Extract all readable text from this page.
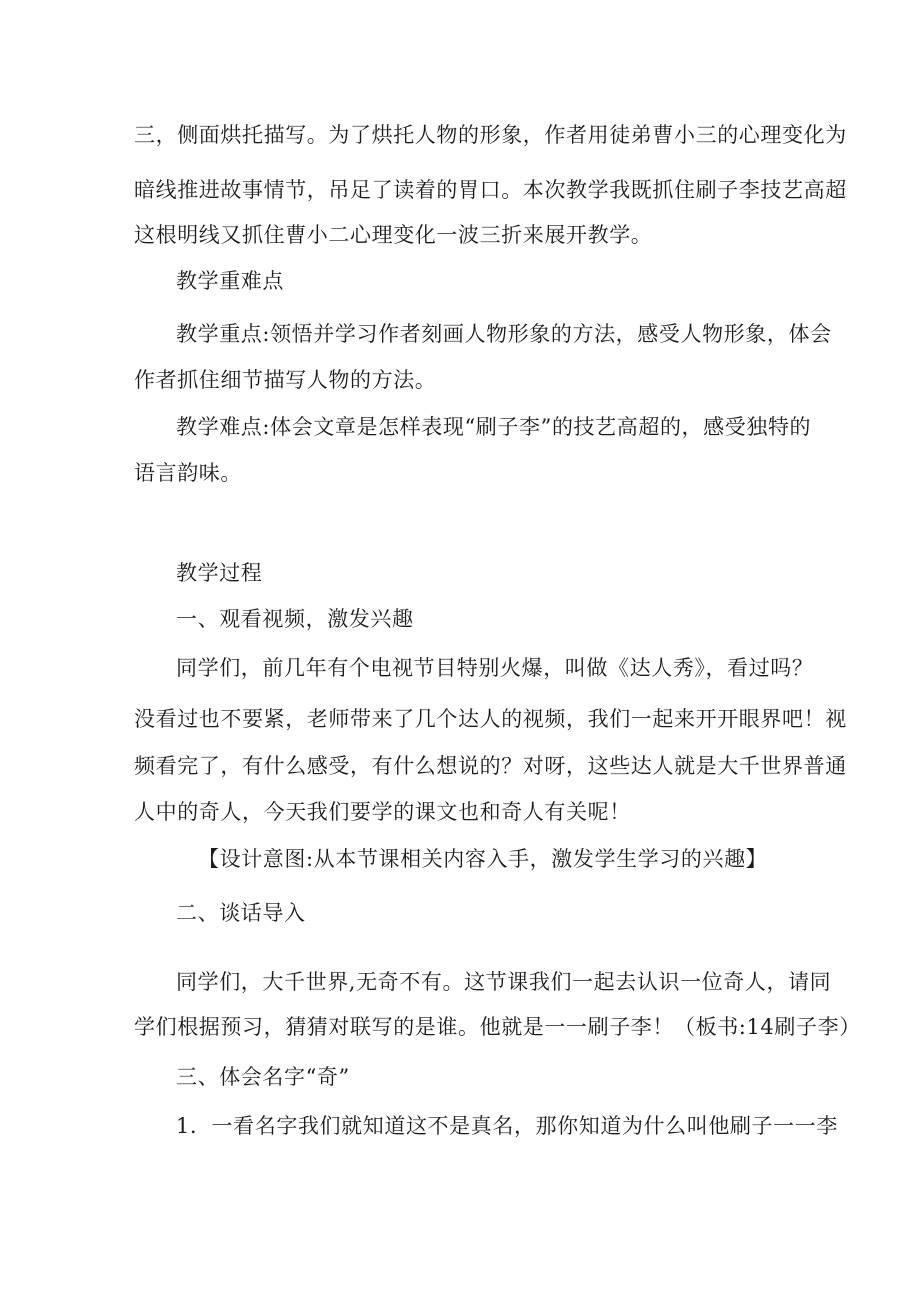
三，侧面烘托描写。为了烘托人物的形象，作者用徒弟曹小三的心理变化为
暗线推进故事情节，吊足了读着的胃口。本次教学我既抓住刷子李技艺高超
这根明线又抓住曹小二心理变化一波三折来展开教学。
教学重难点
教学重点:领悟并学习作者刻画人物形象的方法，感受人物形象，体会
作者抓住细节描写人物的方法。
教学难点:体会文章是怎样表现“刷子李”的技艺高超的，感受独特的
语言韵味。
教学过程
一、观看视频，激发兴趣
同学们，前几年有个电视节目特别火爆，叫做《达人秀》，看过吗？
没看过也不要紧，老师带来了几个达人的视频，我们一起来开开眼界吧！视
频看完了，有什么感受，有什么想说的？对呀，这些达人就是大千世界普通
人中的奇人，今天我们要学的课文也和奇人有关呢！
【设计意图:从本节课相关内容入手，激发学生学习的兴趣】
二、谈话导入
同学们，大千世界,无奇不有。这节课我们一起去认识一位奇人，请同
学们根据预习，猜猜对联写的是谁。他就是一一刷子李！（板书:14刷子李）
三、体会名字“奇”
1．一看名字我们就知道这不是真名，那你知道为什么叫他刷子一一李
